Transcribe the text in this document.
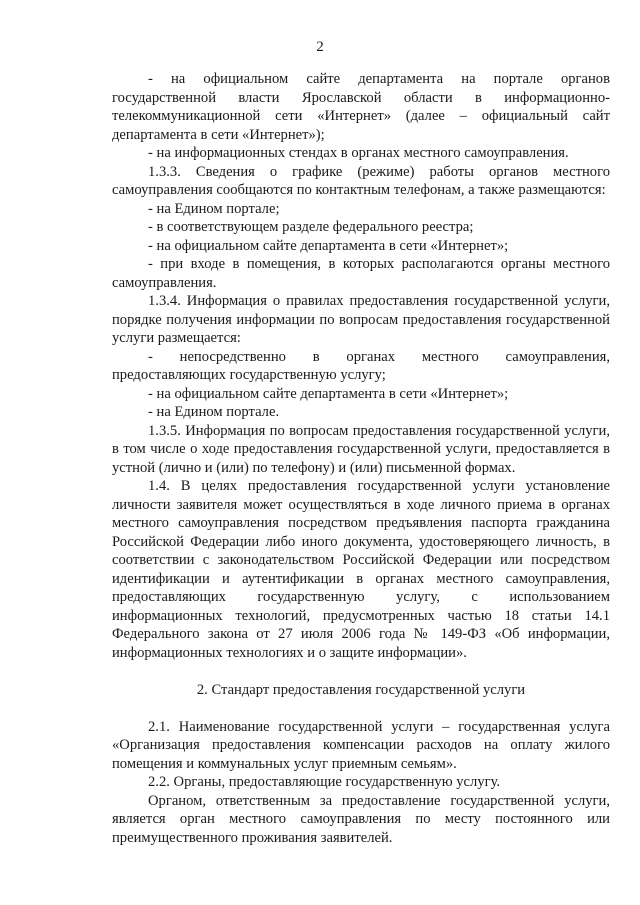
2

- на официальном сайте департамента на портале органов государственной власти Ярославской области в информационно-телекоммуникационной сети «Интернет» (далее – официальный сайт департамента в сети «Интернет»);

- на информационных стендах в органах местного самоуправления.

1.3.3. Сведения о графике (режиме) работы органов местного самоуправления сообщаются по контактным телефонам, а также размещаются:

- на Едином портале;

- в соответствующем разделе федерального реестра;

- на официальном сайте департамента в сети «Интернет»;

- при входе в помещения, в которых располагаются органы местного самоуправления.

1.3.4. Информация о правилах предоставления государственной услуги, порядке получения информации по вопросам предоставления государственной услуги размещается:

- непосредственно в органах местного самоуправления, предоставляющих государственную услугу;

- на официальном сайте департамента в сети «Интернет»;

- на Едином портале.

1.3.5. Информация по вопросам предоставления государственной услуги, в том числе о ходе предоставления государственной услуги, предоставляется в устной (лично и (или) по телефону) и (или) письменной формах.

1.4. В целях предоставления государственной услуги установление личности заявителя может осуществляться в ходе личного приема в органах местного самоуправления посредством предъявления паспорта гражданина Российской Федерации либо иного документа, удостоверяющего личность, в соответствии с законодательством Российской Федерации или посредством идентификации и аутентификации в органах местного самоуправления, предоставляющих государственную услугу, с использованием информационных технологий, предусмотренных частью 18 статьи 14.1 Федерального закона от 27 июля 2006 года № 149-ФЗ «Об информации, информационных технологиях и о защите информации».

2. Стандарт предоставления государственной услуги

2.1. Наименование государственной услуги – государственная услуга «Организация предоставления компенсации расходов на оплату жилого помещения и коммунальных услуг приемным семьям».

2.2. Органы, предоставляющие государственную услугу.

Органом, ответственным за предоставление государственной услуги, является орган местного самоуправления по месту постоянного или преимущественного проживания заявителей.
